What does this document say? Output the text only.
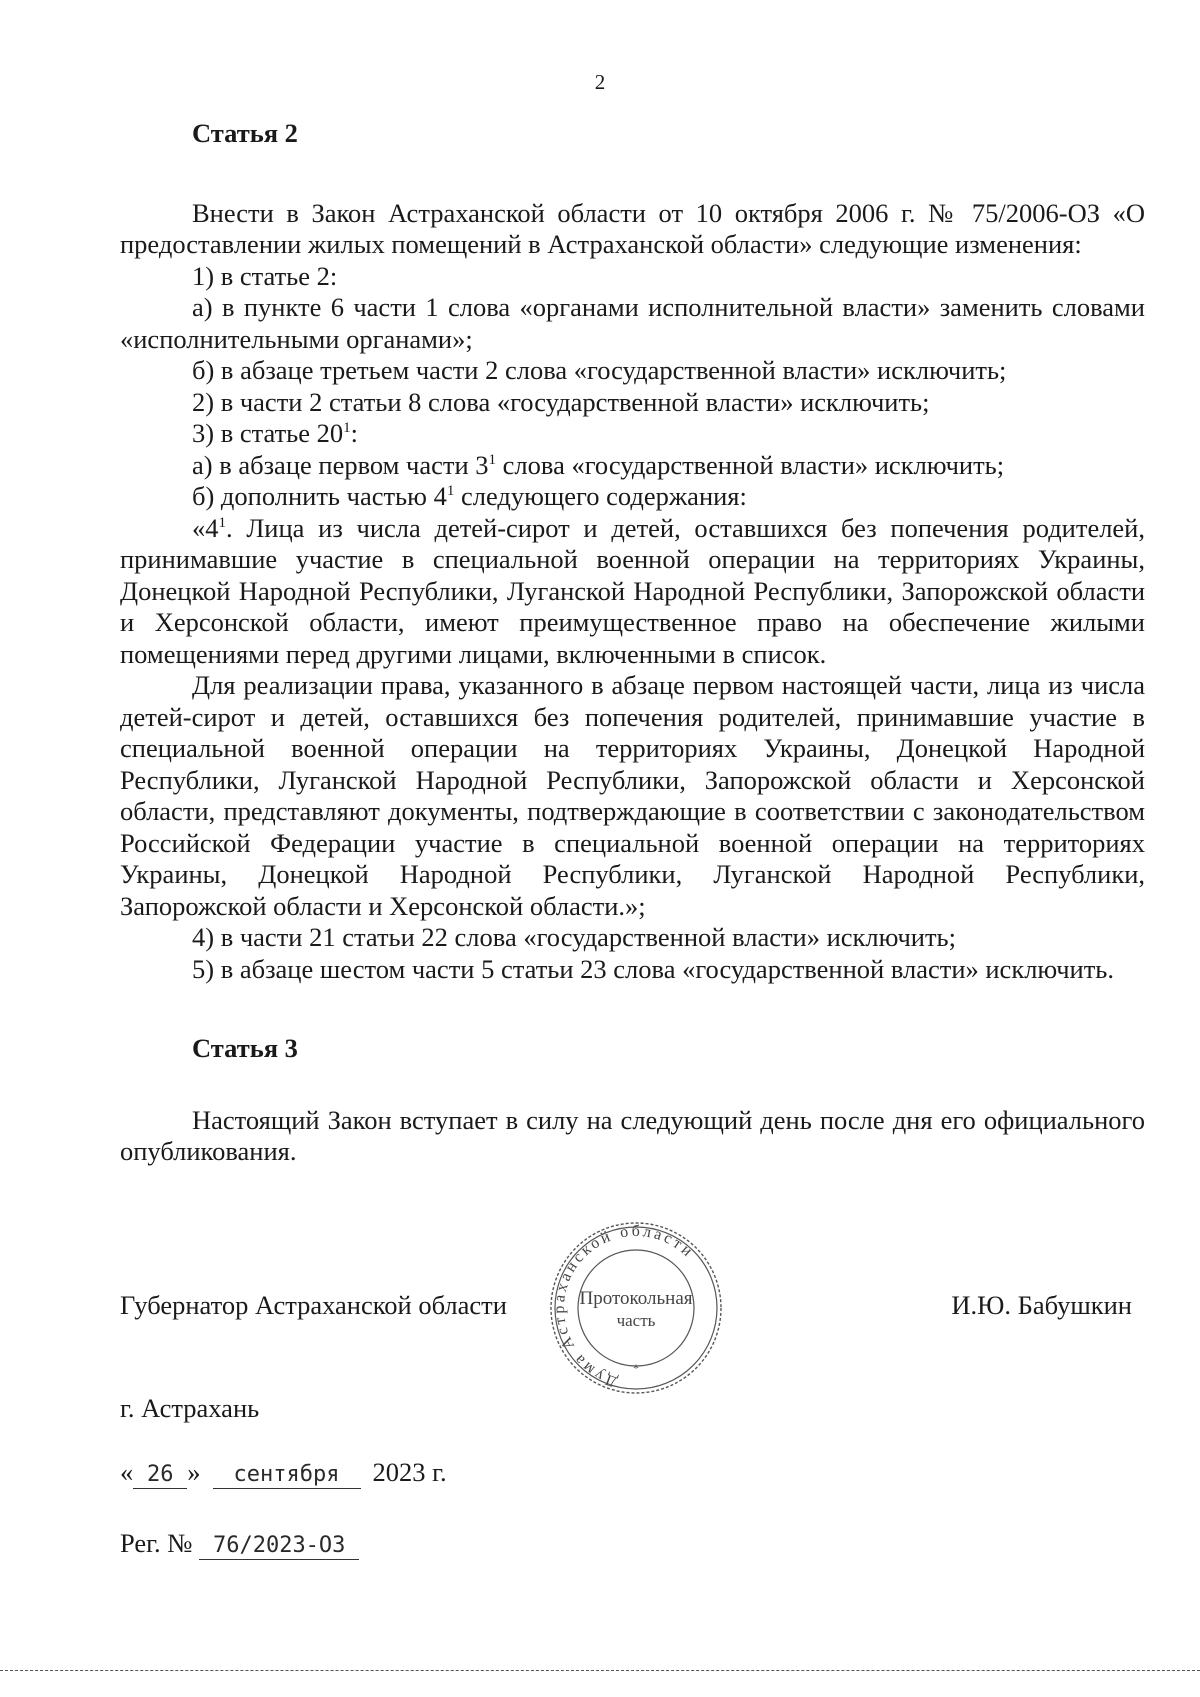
2
Статья 2

Внести в Закон Астраханской области от 10 октября 2006 г. № 75/2006-ОЗ «О предоставлении жилых помещений в Астраханской области» следующие изменения:

1) в статье 2:

а) в пункте 6 части 1 слова «органами исполнительной власти» заменить словами «исполнительными органами»;

б) в абзаце третьем части 2 слова «государственной власти» исключить;

2) в части 2 статьи 8 слова «государственной власти» исключить;

3) в статье $20^1$:

а) в абзаце первом части $3^1$ слова «государственной власти» исключить;

б) дополнить частью $4^1$ следующего содержания:

«$4^1$. Лица из числа детей-сирот и детей, оставшихся без попечения родителей, принимавшие участие в специальной военной операции на территориях Украины, Донецкой Народной Республики, Луганской Народной Республики, Запорожской области и Херсонской области, имеют преимущественное право на обеспечение жилыми помещениями перед другими лицами, включенными в список.

Для реализации права, указанного в абзаце первом настоящей части, лица из числа детей-сирот и детей, оставшихся без попечения родителей, принимавшие участие в специальной военной операции на территориях Украины, Донецкой Народной Республики, Луганской Народной Республики, Запорожской области и Херсонской области, представляют документы, подтверждающие в соответствии с законодательством Российской Федерации участие в специальной военной операции на территориях Украины, Донецкой Народной Республики, Луганской Народной Республики, Запорожской области и Херсонской области.»;

4) в части 21 статьи 22 слова «государственной власти» исключить;

5) в абзаце шестом части 5 статьи 23 слова «государственной власти» исключить.

Статья 3

Настоящий Закон вступает в силу на следующий день после дня его официального опубликования.

Губернатор Астраханской области	И.Ю. Бабушкин
Дума Астраханской области
Протокольная
часть
*
г. Астрахань
« 26 » сентября 2023 г.
Рег. № 76/2023-ОЗ
